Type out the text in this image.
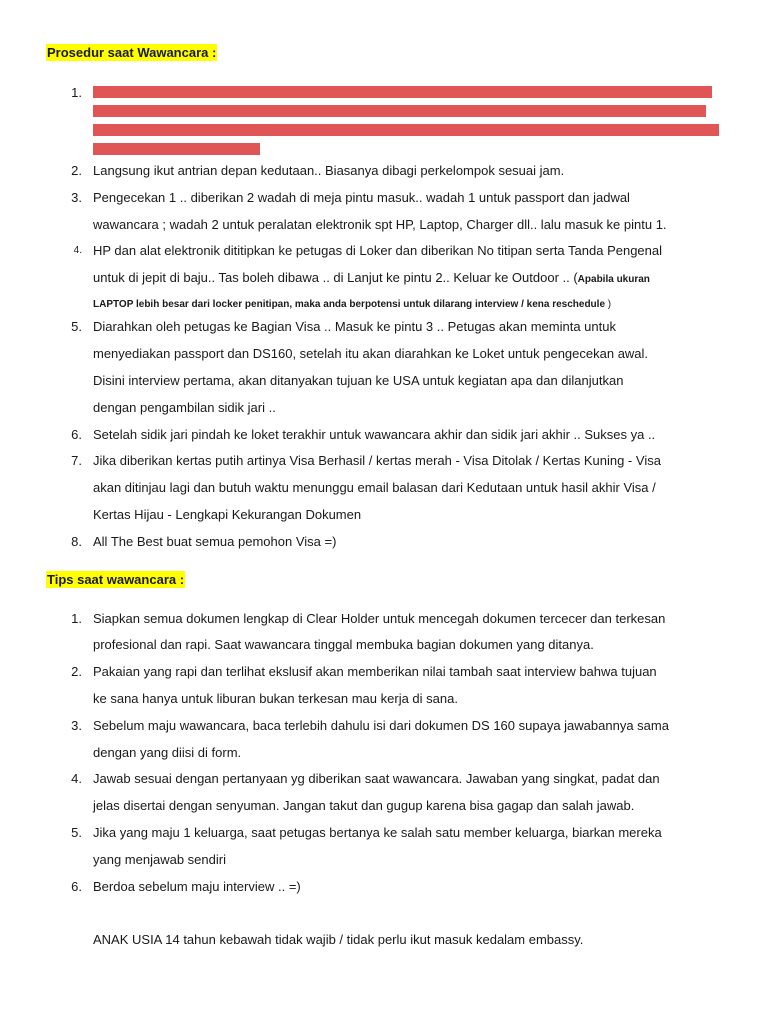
Prosedur saat Wawancara :
1.
2. Langsung ikut antrian depan kedutaan.. Biasanya dibagi perkelompok sesuai jam.
3. Pengecekan 1 .. diberikan 2 wadah di meja pintu masuk.. wadah 1 untuk passport dan jadwal
wawancara ; wadah 2 untuk peralatan elektronik spt HP, Laptop, Charger dll.. lalu masuk ke pintu 1.
4. HP dan alat elektronik dititipkan ke petugas di Loker dan diberikan No titipan serta Tanda Pengenal
untuk di jepit di baju.. Tas boleh dibawa .. di Lanjut ke pintu 2.. Keluar ke Outdoor .. (Apabila ukuran
LAPTOP lebih besar dari locker penitipan, maka anda berpotensi untuk dilarang interview / kena reschedule )
5. Diarahkan oleh petugas ke Bagian Visa .. Masuk ke pintu 3 .. Petugas akan meminta untuk
menyediakan passport dan DS160, setelah itu akan diarahkan ke Loket untuk pengecekan awal.
Disini interview pertama, akan ditanyakan tujuan ke USA untuk kegiatan apa dan dilanjutkan
dengan pengambilan sidik jari ..
6. Setelah sidik jari pindah ke loket terakhir untuk wawancara akhir dan sidik jari akhir .. Sukses ya ..
7. Jika diberikan kertas putih artinya Visa Berhasil / kertas merah - Visa Ditolak / Kertas Kuning - Visa
akan ditinjau lagi dan butuh waktu menunggu email balasan dari Kedutaan untuk hasil akhir Visa /
Kertas Hijau - Lengkapi Kekurangan Dokumen
8. All The Best buat semua pemohon Visa =)
Tips saat wawancara :
1. Siapkan semua dokumen lengkap di Clear Holder untuk mencegah dokumen tercecer dan terkesan
profesional dan rapi. Saat wawancara tinggal membuka bagian dokumen yang ditanya.
2. Pakaian yang rapi dan terlihat ekslusif akan memberikan nilai tambah saat interview bahwa tujuan
ke sana hanya untuk liburan bukan terkesan mau kerja di sana.
3. Sebelum maju wawancara, baca terlebih dahulu isi dari dokumen DS 160 supaya jawabannya sama
dengan yang diisi di form.
4. Jawab sesuai dengan pertanyaan yg diberikan saat wawancara. Jawaban yang singkat, padat dan
jelas disertai dengan senyuman. Jangan takut dan gugup karena bisa gagap dan salah jawab.
5. Jika yang maju 1 keluarga, saat petugas bertanya ke salah satu member keluarga, biarkan mereka
yang menjawab sendiri
6. Berdoa sebelum maju interview .. =)
ANAK USIA 14 tahun kebawah tidak wajib / tidak perlu ikut masuk kedalam embassy.
